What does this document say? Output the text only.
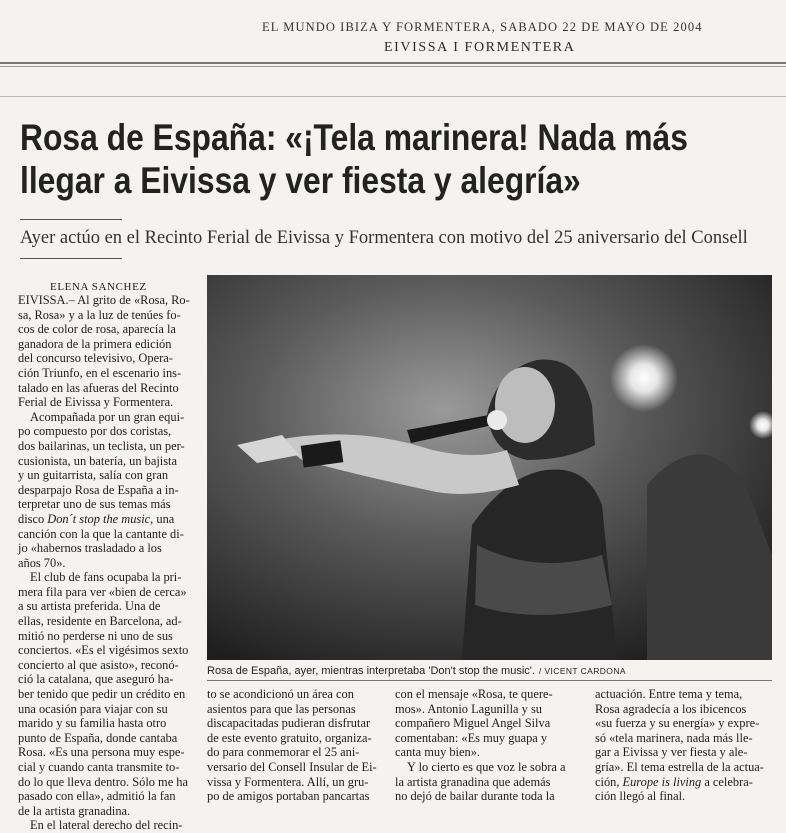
EL MUNDO IBIZA Y FORMENTERA, SABADO 22 DE MAYO DE 2004
EIVISSA I FORMENTERA
Rosa de España: «¡Tela marinera! Nada más
llegar a Eivissa y ver fiesta y alegría»
Ayer actúo en el Recinto Ferial de Eivissa y Formentera con motivo del 25 aniversario del Consell
ELENA SANCHEZ

EIVISSA.– Al grito de «Rosa, Ro-

sa, Rosa» y a la luz de tenúes fo-

cos de color de rosa, aparecía la

ganadora de la primera edición

del concurso televisivo, Opera-

ción Triunfo, en el escenario ins-

talado en las afueras del Recinto

Ferial de Eivissa y Formentera.

Acompañada por un gran equi-

po compuesto por dos coristas,

dos bailarinas, un teclista, un per-

cusionista, un batería, un bajista

y un guitarrista, salía con gran

desparpajo Rosa de España a in-

terpretar uno de sus temas más

disco Don´t stop the music, una

canción con la que la cantante di-

jo «habernos trasladado a los

años 70».

El club de fans ocupaba la pri-

mera fila para ver «bien de cerca»

a su artista preferida. Una de

ellas, residente en Barcelona, ad-

mitió no perderse ni uno de sus

conciertos. «Es el vigésimos sexto

concierto al que asisto», reconó-

ció la catalana, que aseguró ha-

ber tenido que pedir un crédito en

una ocasión para viajar con su

marido y su familia hasta otro

punto de España, donde cantaba

Rosa. «Es una persona muy espe-

cial y cuando canta transmite to-

do lo que lleva dentro. Sólo me ha

pasado con ella», admitió la fan

de la artista granadina.

En el lateral derecho del recin-

Rosa de España, ayer, mientras interpretaba 'Don't stop the music'. / VICENT CARDONA

to se acondicionó un área con

asientos para que las personas

discapacitadas pudieran disfrutar

de este evento gratuito, organiza-

do para conmemorar el 25 ani-

versario del Consell Insular de Ei-

vissa y Formentera. Allí, un gru-

po de amigos portaban pancartas

con el mensaje «Rosa, te quere-

mos». Antonio Lagunilla y su

compañero Miguel Angel Silva

comentaban: «Es muy guapa y

canta muy bien».

Y lo cierto es que voz le sobra a

la artista granadina que además

no dejó de bailar durante toda la

actuación. Entre tema y tema,

Rosa agradecía a los ibicencos

«su fuerza y su energía» y expre-

só «tela marinera, nada más lle-

gar a Eivissa y ver fiesta y ale-

gría». El tema estrella de la actua-

ción, Europe is living a celebra-

ción llegó al final.
